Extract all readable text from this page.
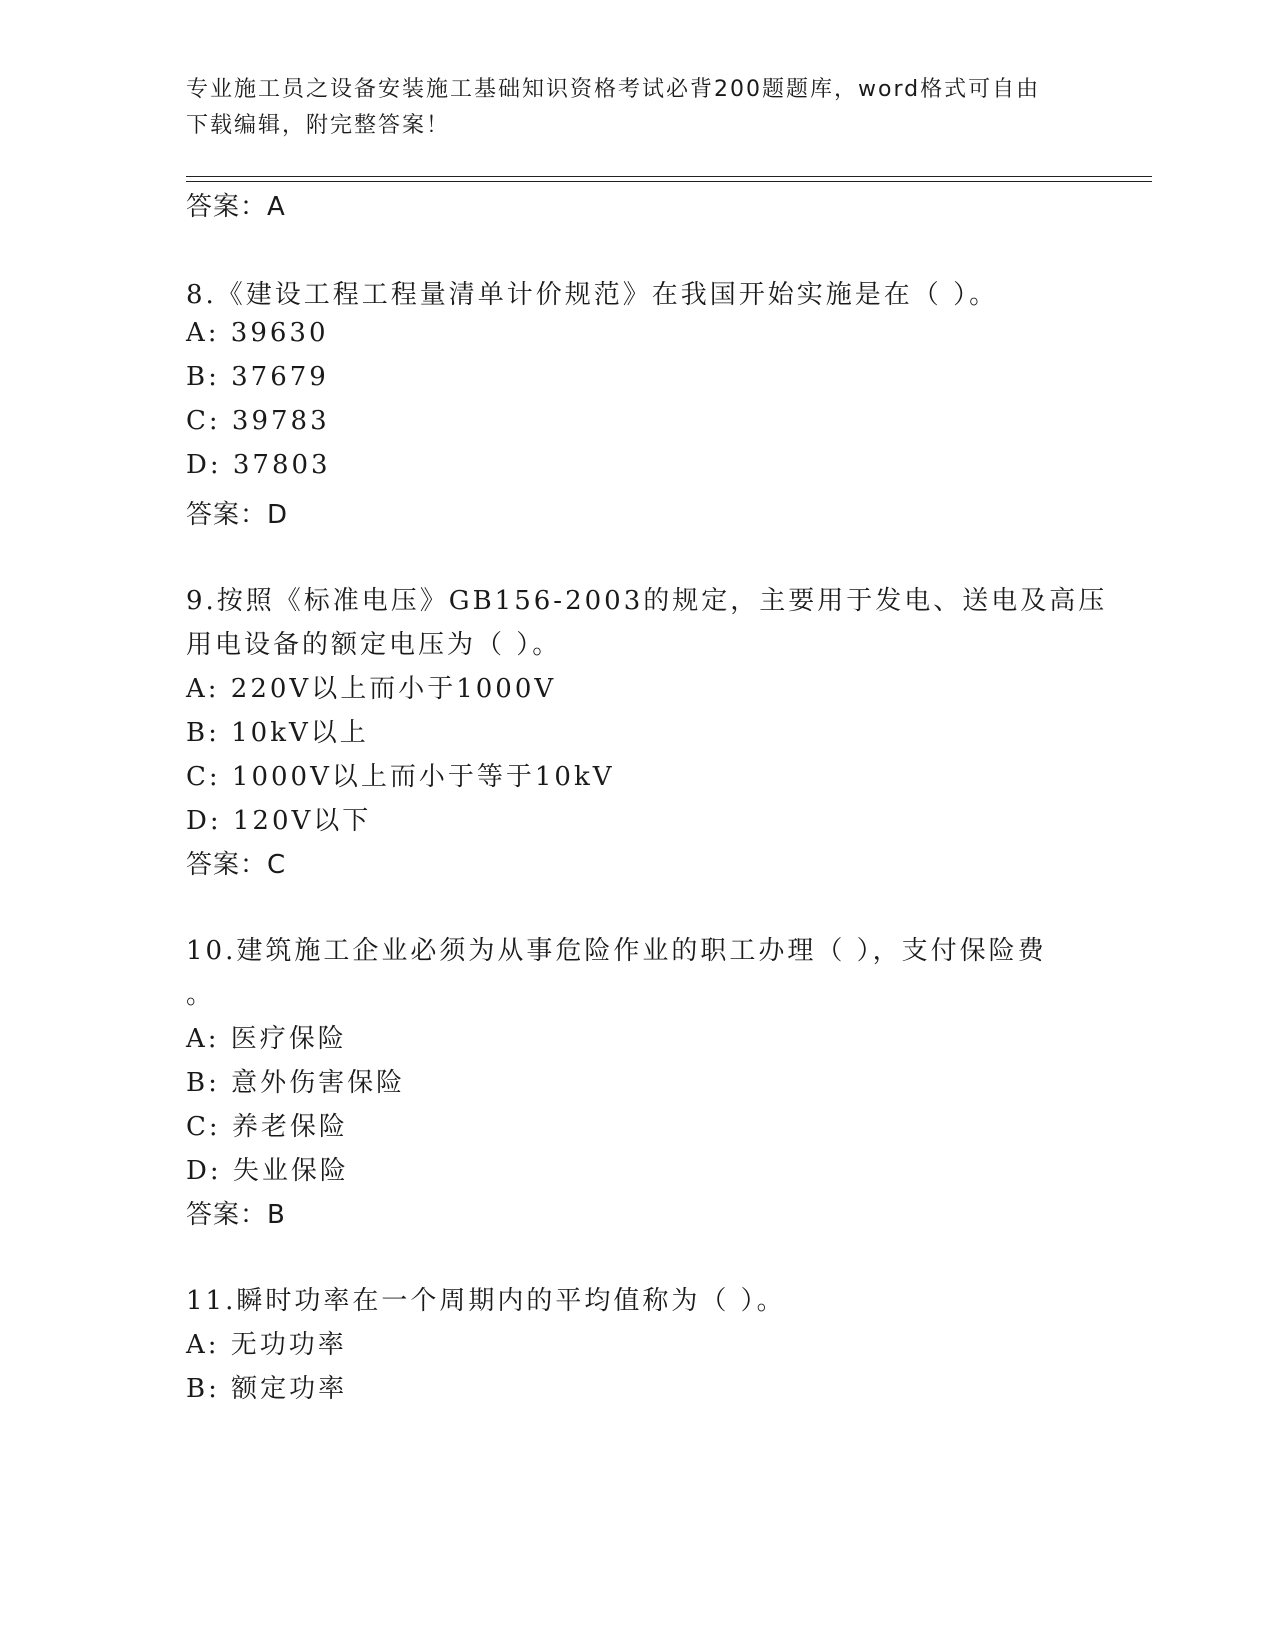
专业施工员之设备安装施工基础知识资格考试必背200题题库，word格式可自由
下载编辑，附完整答案！
答案：A
8.《建设工程工程量清单计价规范》在我国开始实施是在（ ）。
A: 39630
B: 37679
C: 39783
D: 37803
答案：D
9.按照《标准电压》GB156-2003的规定，主要用于发电、送电及高压
用电设备的额定电压为（ ）。
A: 220V以上而小于1000V
B: 10kV以上
C: 1000V以上而小于等于10kV
D: 120V以下
答案：C
10.建筑施工企业必须为从事危险作业的职工办理（ ），支付保险费
。
A: 医疗保险
B: 意外伤害保险
C: 养老保险
D: 失业保险
答案：B
11.瞬时功率在一个周期内的平均值称为（ ）。
A: 无功功率
B: 额定功率
